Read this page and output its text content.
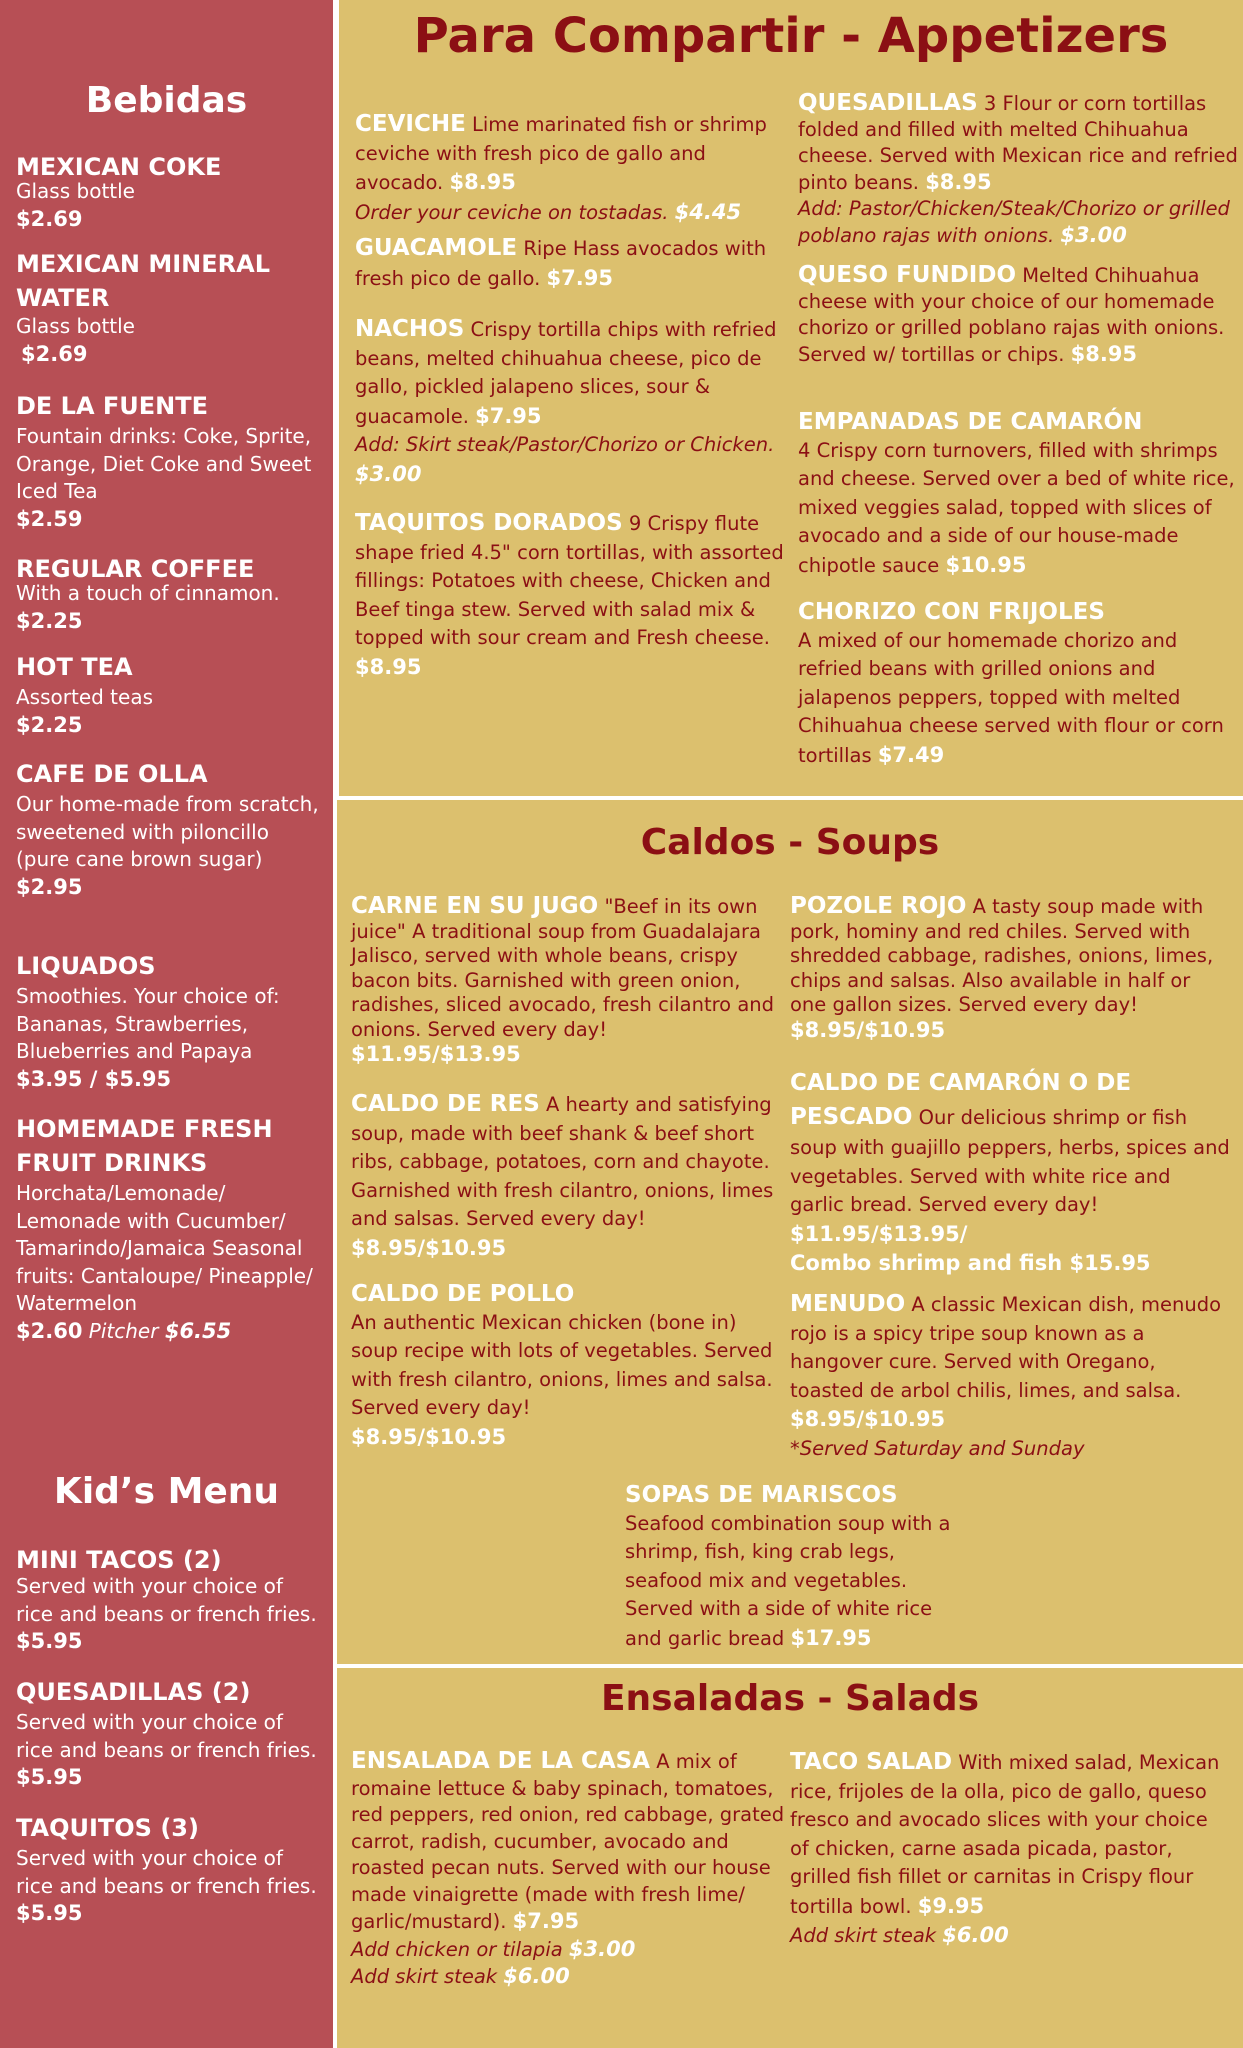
Bebidas
MEXICAN COKE
Glass bottle
$2.69
MEXICAN MINERAL WATER
Glass bottle
$2.69
DE LA FUENTE
Fountain drinks: Coke, Sprite, Orange, Diet Coke and Sweet Iced Tea
$2.59
REGULAR COFFEE
With a touch of cinnamon.
$2.25
HOT TEA
Assorted teas
$2.25
CAFE DE OLLA
Our home-made from scratch, sweetened with piloncillo (pure cane brown sugar)
$2.95
LIQUADOS
Smoothies. Your choice of: Bananas, Strawberries, Blueberries and Papaya
$3.95 / $5.95
HOMEMADE FRESH FRUIT DRINKS
Horchata/Lemonade/ Lemonade with Cucumber/ Tamarindo/Jamaica Seasonal fruits: Cantaloupe/ Pineapple/ Watermelon
$2.60 Pitcher $6.55
Kid’s Menu
MINI TACOS (2)
Served with your choice of rice and beans or french fries.
$5.95
QUESADILLAS (2)
Served with your choice of rice and beans or french fries.
$5.95
TAQUITOS (3)
Served with your choice of rice and beans or french fries.
$5.95
Para Compartir - Appetizers
CEVICHE Lime marinated fish or shrimp ceviche with fresh pico de gallo and avocado. $8.95
Order your ceviche on tostadas. $4.45
GUACAMOLE Ripe Hass avocados with fresh pico de gallo. $7.95
NACHOS Crispy tortilla chips with refried beans, melted chihuahua cheese, pico de gallo, pickled jalapeno slices, sour & guacamole. $7.95
Add: Skirt steak/Pastor/Chorizo or Chicken. $3.00
TAQUITOS DORADOS 9 Crispy flute shape fried 4.5" corn tortillas, with assorted fillings: Potatoes with cheese, Chicken and Beef tinga stew. Served with salad mix & topped with sour cream and Fresh cheese. $8.95
QUESADILLAS 3 Flour or corn tortillas folded and filled with melted Chihuahua cheese. Served with Mexican rice and refried pinto beans. $8.95
Add: Pastor/Chicken/Steak/Chorizo or grilled poblano rajas with onions. $3.00
QUESO FUNDIDO Melted Chihuahua cheese with your choice of our homemade chorizo or grilled poblano rajas with onions. Served w/ tortillas or chips. $8.95
EMPANADAS DE CAMARÓN
4 Crispy corn turnovers, filled with shrimps and cheese. Served over a bed of white rice, mixed veggies salad, topped with slices of avocado and a side of our house-made chipotle sauce $10.95
CHORIZO CON FRIJOLES
A mixed of our homemade chorizo and refried beans with grilled onions and jalapenos peppers, topped with melted Chihuahua cheese served with flour or corn tortillas $7.49
Caldos - Soups
CARNE EN SU JUGO "Beef in its own juice" A traditional soup from Guadalajara Jalisco, served with whole beans, crispy bacon bits. Garnished with green onion, radishes, sliced avocado, fresh cilantro and onions. Served every day! $11.95/$13.95
CALDO DE RES A hearty and satisfying soup, made with beef shank & beef short ribs, cabbage, potatoes, corn and chayote. Garnished with fresh cilantro, onions, limes and salsas. Served every day! $8.95/$10.95
CALDO DE POLLO
An authentic Mexican chicken (bone in) soup recipe with lots of vegetables. Served with fresh cilantro, onions, limes and salsa. Served every day!
$8.95/$10.95
POZOLE ROJO A tasty soup made with pork, hominy and red chiles. Served with shredded cabbage, radishes, onions, limes, chips and salsas. Also available in half or one gallon sizes. Served every day! $8.95/$10.95
CALDO DE CAMARÓN O DE PESCADO Our delicious shrimp or fish soup with guajillo peppers, herbs, spices and vegetables. Served with white rice and garlic bread. Served every day!
$11.95/$13.95/
Combo shrimp and fish $15.95
MENUDO A classic Mexican dish, menudo rojo is a spicy tripe soup known as a hangover cure. Served with Oregano, toasted de arbol chilis, limes, and salsa. $8.95/$10.95
*Served Saturday and Sunday
SOPAS DE MARISCOS
Seafood combination soup with a shrimp, fish, king crab legs, seafood mix and vegetables. Served with a side of white rice and garlic bread $17.95
Ensaladas - Salads
ENSALADA DE LA CASA A mix of romaine lettuce & baby spinach, tomatoes, red peppers, red onion, red cabbage, grated carrot, radish, cucumber, avocado and roasted pecan nuts. Served with our house made vinaigrette (made with fresh lime/ garlic/mustard). $7.95
Add chicken or tilapia $3.00
Add skirt steak $6.00
TACO SALAD With mixed salad, Mexican rice, frijoles de la olla, pico de gallo, queso fresco and avocado slices with your choice of chicken, carne asada picada, pastor, grilled fish fillet or carnitas in Crispy flour tortilla bowl. $9.95
Add skirt steak $6.00
